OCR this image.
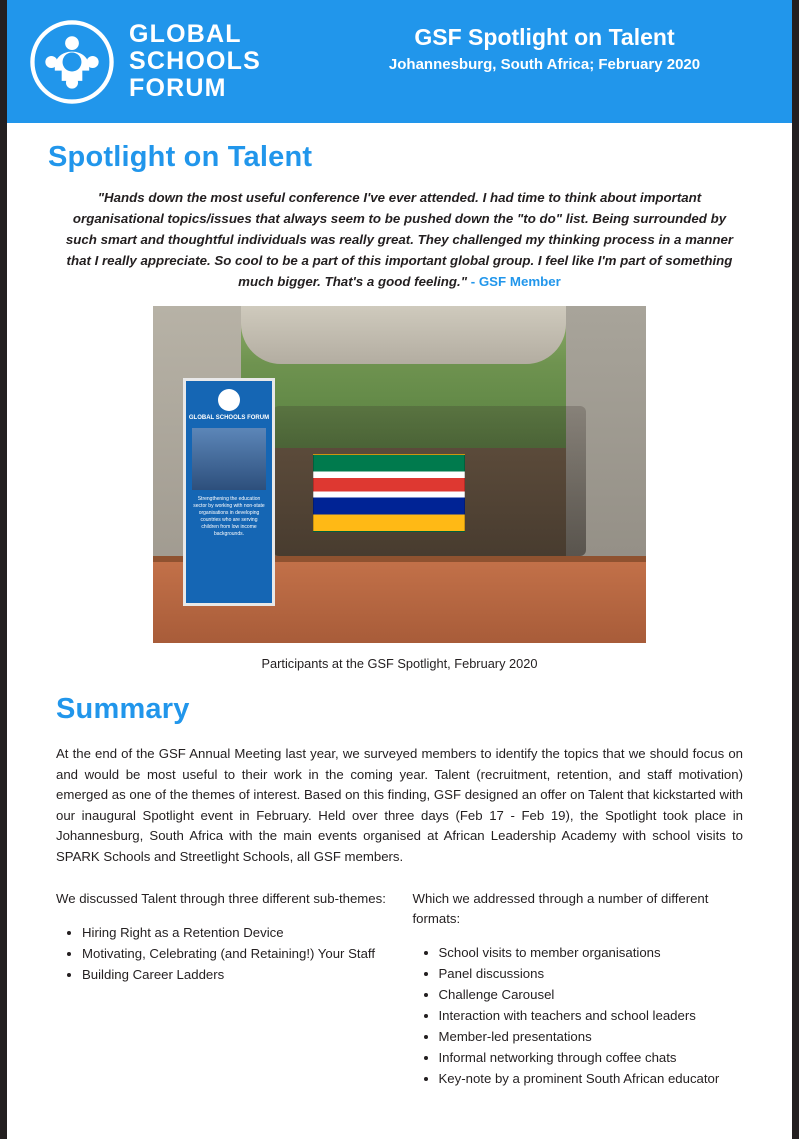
GLOBAL
SCHOOLS
FORUM
GSF Spotlight on Talent
Johannesburg, South Africa; February 2020
Spotlight on Talent

"Hands down the most useful conference I've ever attended. I had time to think about important organisational topics/issues that always seem to be pushed down the "to do" list. Being surrounded by such smart and thoughtful individuals was really great. They challenged my thinking process in a manner that I really appreciate. So cool to be a part of this important global group. I feel like I'm part of something much bigger. That's a good feeling." - GSF Member

GLOBAL SCHOOLS FORUM
Strengthening the education sector by working with non-state organisations in developing countries who are serving children from low income backgrounds.
Participants at the GSF Spotlight, February 2020
Summary

At the end of the GSF Annual Meeting last year, we surveyed members to identify the topics that we should focus on and would be most useful to their work in the coming year. Talent (recruitment, retention, and staff motivation) emerged as one of the themes of interest. Based on this finding, GSF designed an offer on Talent that kickstarted with our inaugural Spotlight event in February. Held over three days (Feb 17 - Feb 19), the Spotlight took place in Johannesburg, South Africa with the main events organised at African Leadership Academy with school visits to SPARK Schools and Streetlight Schools, all GSF members.

We discussed Talent through three different sub-themes:

• Hiring Right as a Retention Device
• Motivating, Celebrating (and Retaining!) Your Staff
• Building Career Ladders

Which we addressed through a number of different formats:

• School visits to member organisations
• Panel discussions
• Challenge Carousel
• Interaction with teachers and school leaders
• Member-led presentations
• Informal networking through coffee chats
• Key-note by a prominent South African educator
